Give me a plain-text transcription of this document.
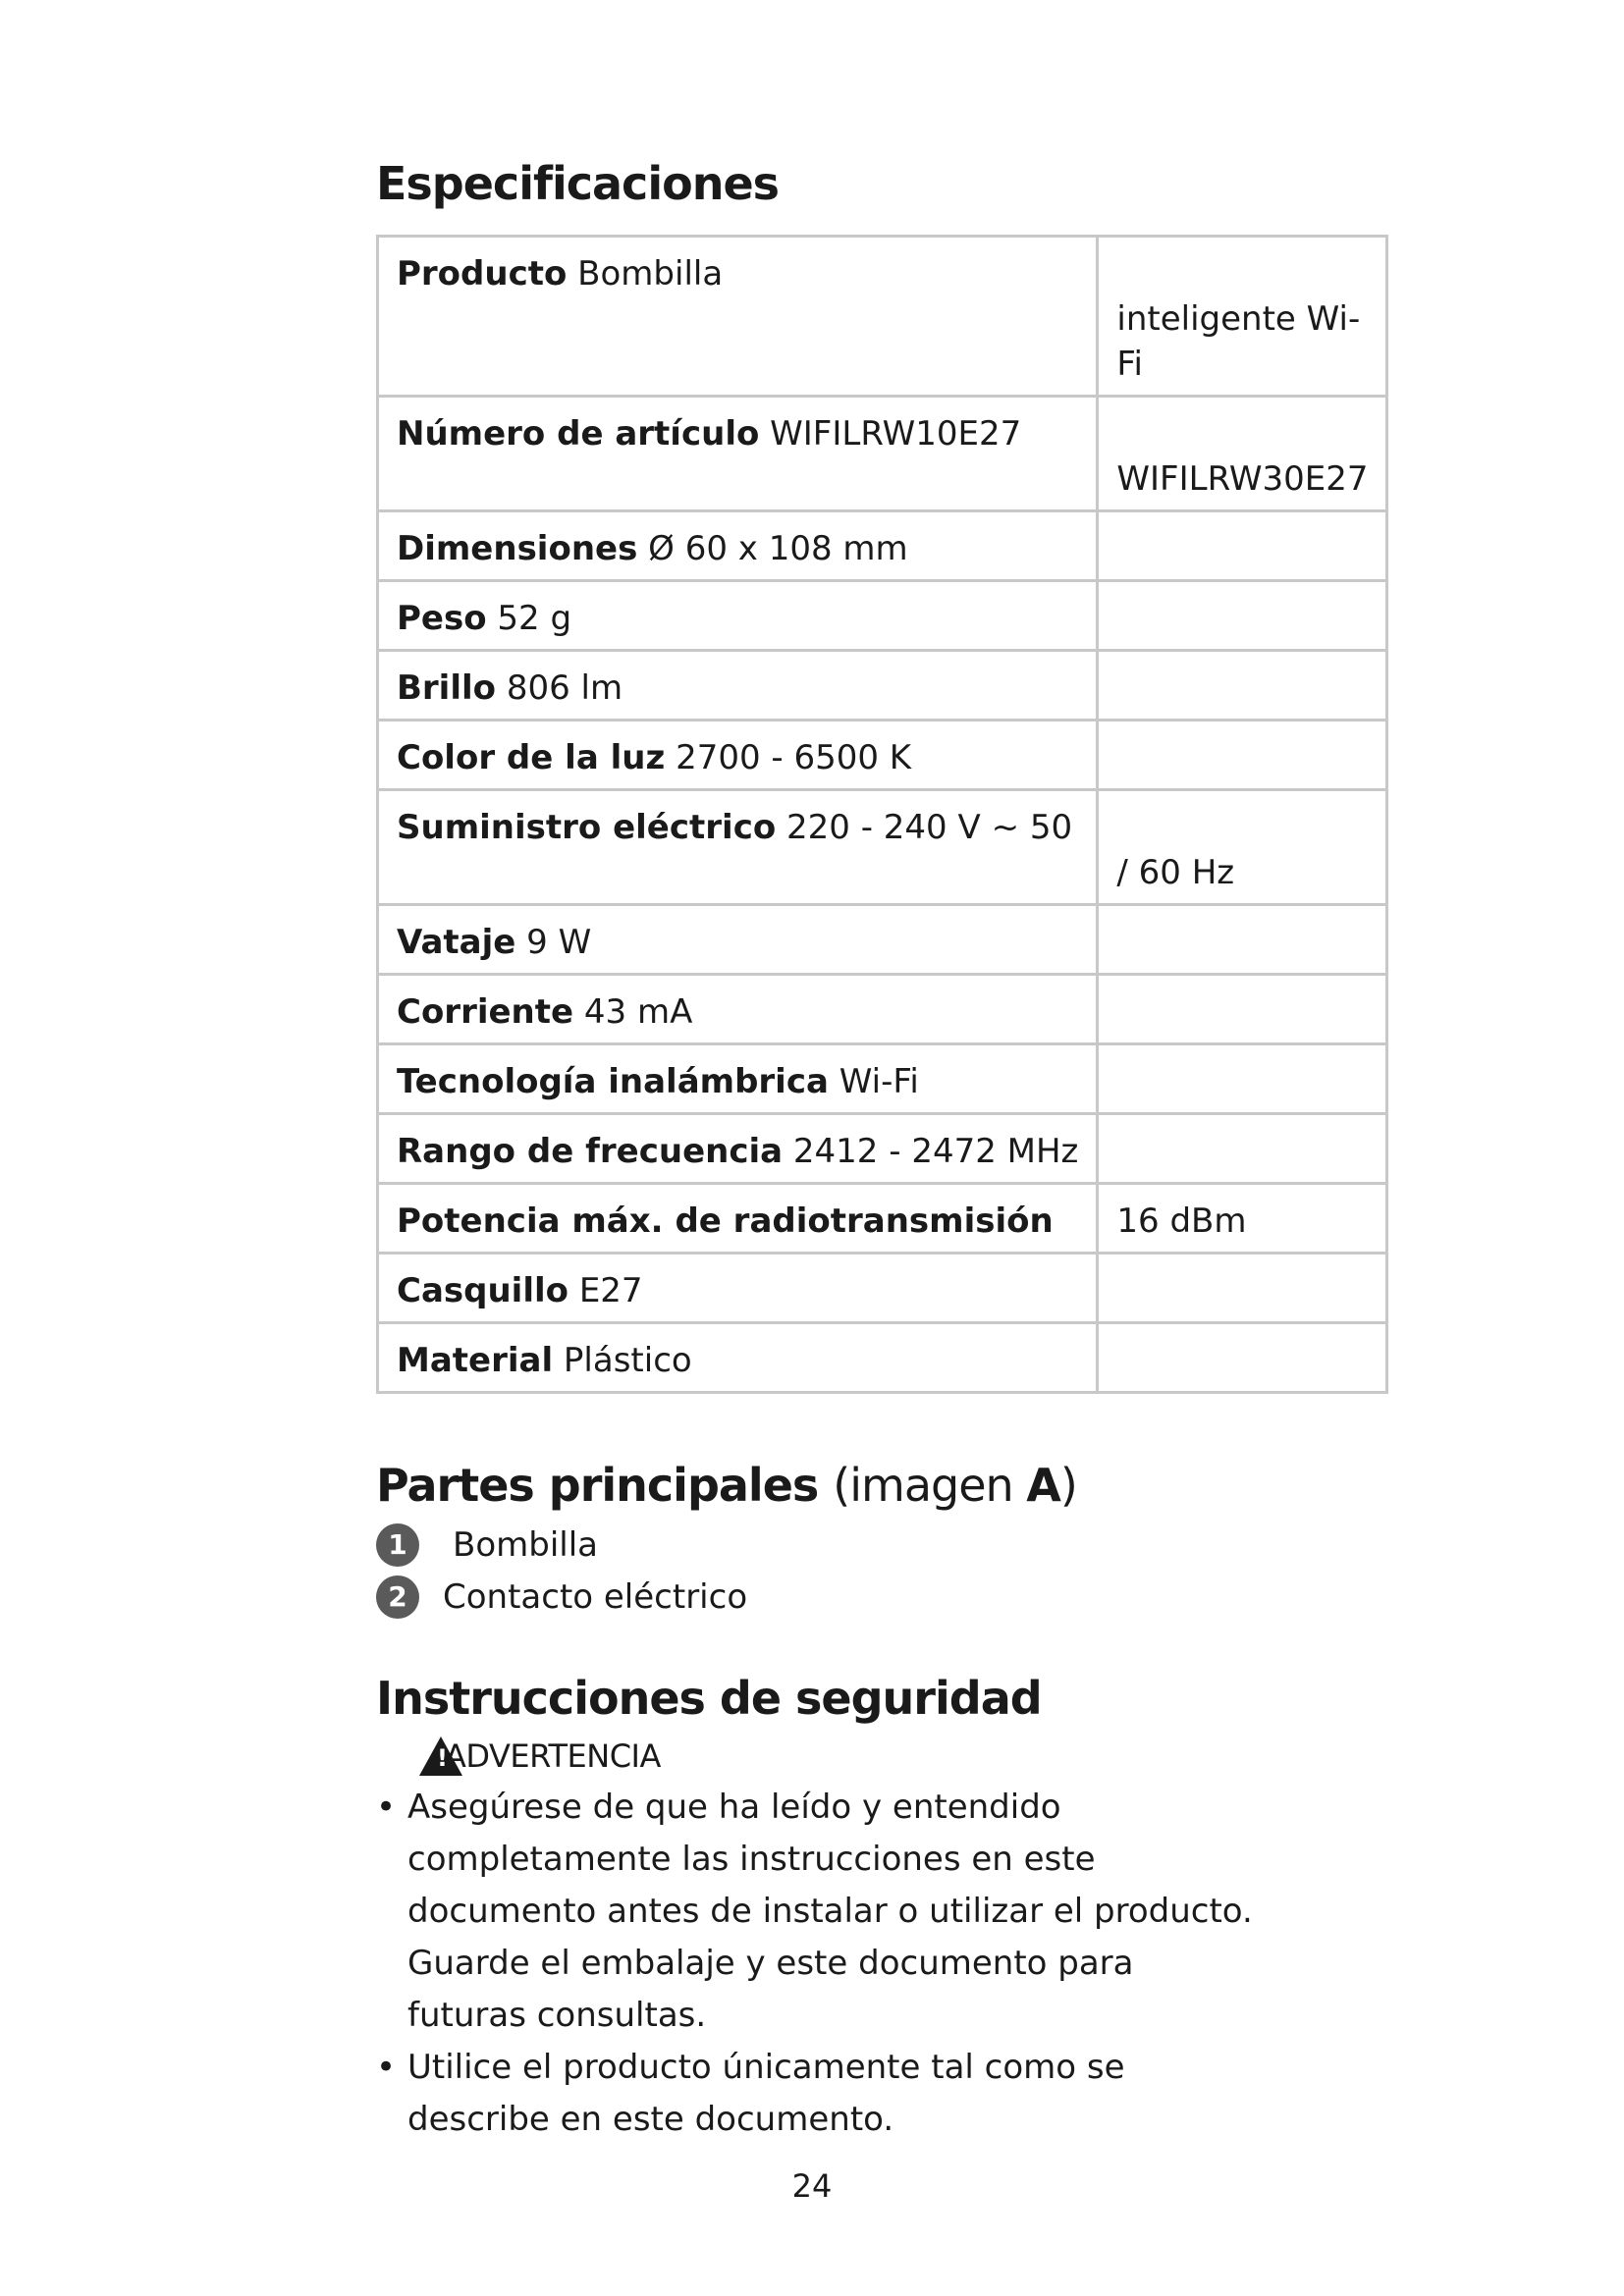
Especificaciones
Producto Bombilla	inteligente Wi-Fi

Número de artículo WIFILRW10E27	WIFILRW30E27

Dimensiones Ø 60 x 108 mm	
Peso 52 g	
Brillo 806 lm	
Color de la luz 2700 - 6500 K	
Suministro eléctrico 220 - 240 V ~ 50	/ 60 Hz

Vataje 9 W	
Corriente 43 mA	
Tecnología inalámbrica Wi-Fi	
Rango de frecuencia 2412 - 2472 MHz	
Potencia máx. de radiotransmisión	16 dBm
Casquillo E27	
Material Plástico	
Partes principales (imagen A)
1	Bombilla
2	Contacto eléctrico
Instrucciones de seguridad
!
ADVERTENCIA
• Asegúrese de que ha leído y entendido completamente las instrucciones en este documento antes de instalar o utilizar el producto. Guarde el embalaje y este documento para futuras consultas.
• Utilice el producto únicamente tal como se describe en este documento.
24
